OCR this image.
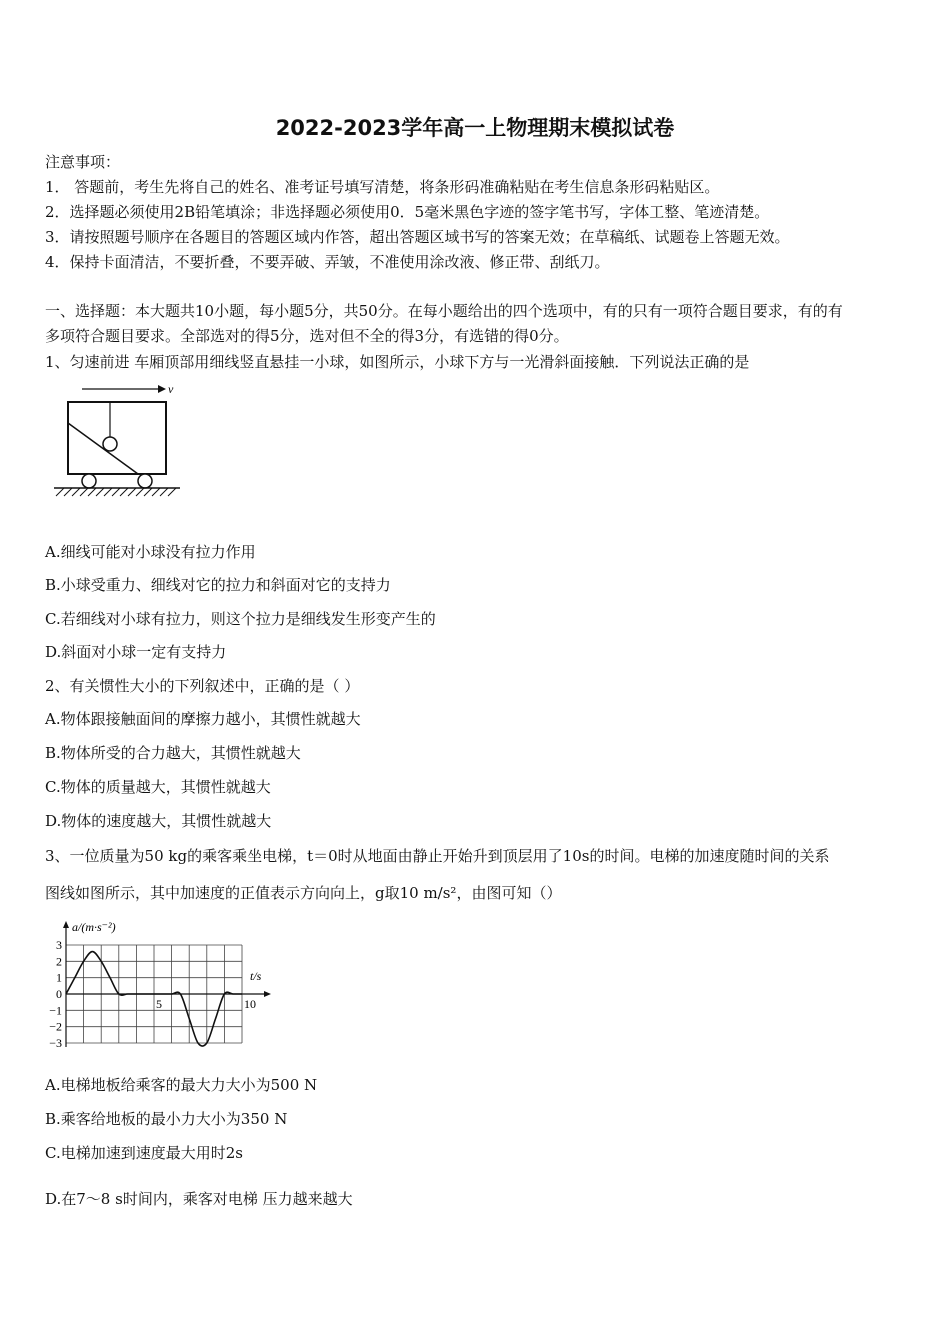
2022-2023学年高一上物理期末模拟试卷
注意事项：
1． 答题前，考生先将自己的姓名、准考证号填写清楚，将条形码准确粘贴在考生信息条形码粘贴区。
2．选择题必须使用2B铅笔填涂；非选择题必须使用0．5毫米黑色字迹的签字笔书写，字体工整、笔迹清楚。
3．请按照题号顺序在各题目的答题区域内作答，超出答题区域书写的答案无效；在草稿纸、试题卷上答题无效。
4．保持卡面清洁，不要折叠，不要弄破、弄皱，不准使用涂改液、修正带、刮纸刀。
一、选择题：本大题共10小题，每小题5分，共50分。在每小题给出的四个选项中，有的只有一项符合题目要求，有的有
多项符合题目要求。全部选对的得5分，选对但不全的得3分，有选错的得0分。
1、匀速前进 车厢顶部用细线竖直悬挂一小球，如图所示，小球下方与一光滑斜面接触．下列说法正确的是
v
A.细线可能对小球没有拉力作用
B.小球受重力、细线对它的拉力和斜面对它的支持力
C.若细线对小球有拉力，则这个拉力是细线发生形变产生的
D.斜面对小球一定有支持力
2、有关惯性大小的下列叙述中，正确的是（ ）
A.物体跟接触面间的摩擦力越小，其惯性就越大
B.物体所受的合力越大，其惯性就越大
C.物体的质量越大，其惯性就越大
D.物体的速度越大，其惯性就越大
3、一位质量为50 kg的乘客乘坐电梯，t＝0时从地面由静止开始升到顶层用了10s的时间。电梯的加速度随时间的关系
图线如图所示，其中加速度的正值表示方向向上，g取10 m/s²，由图可知（）
3
2
1
0
−1
−2
−3
5	10
a/(m·s⁻²)
t/s
A.电梯地板给乘客的最大力大小为500 N
B.乘客给地板的最小力大小为350 N
C.电梯加速到速度最大用时2s
D.在7～8 s时间内，乘客对电梯 压力越来越大
